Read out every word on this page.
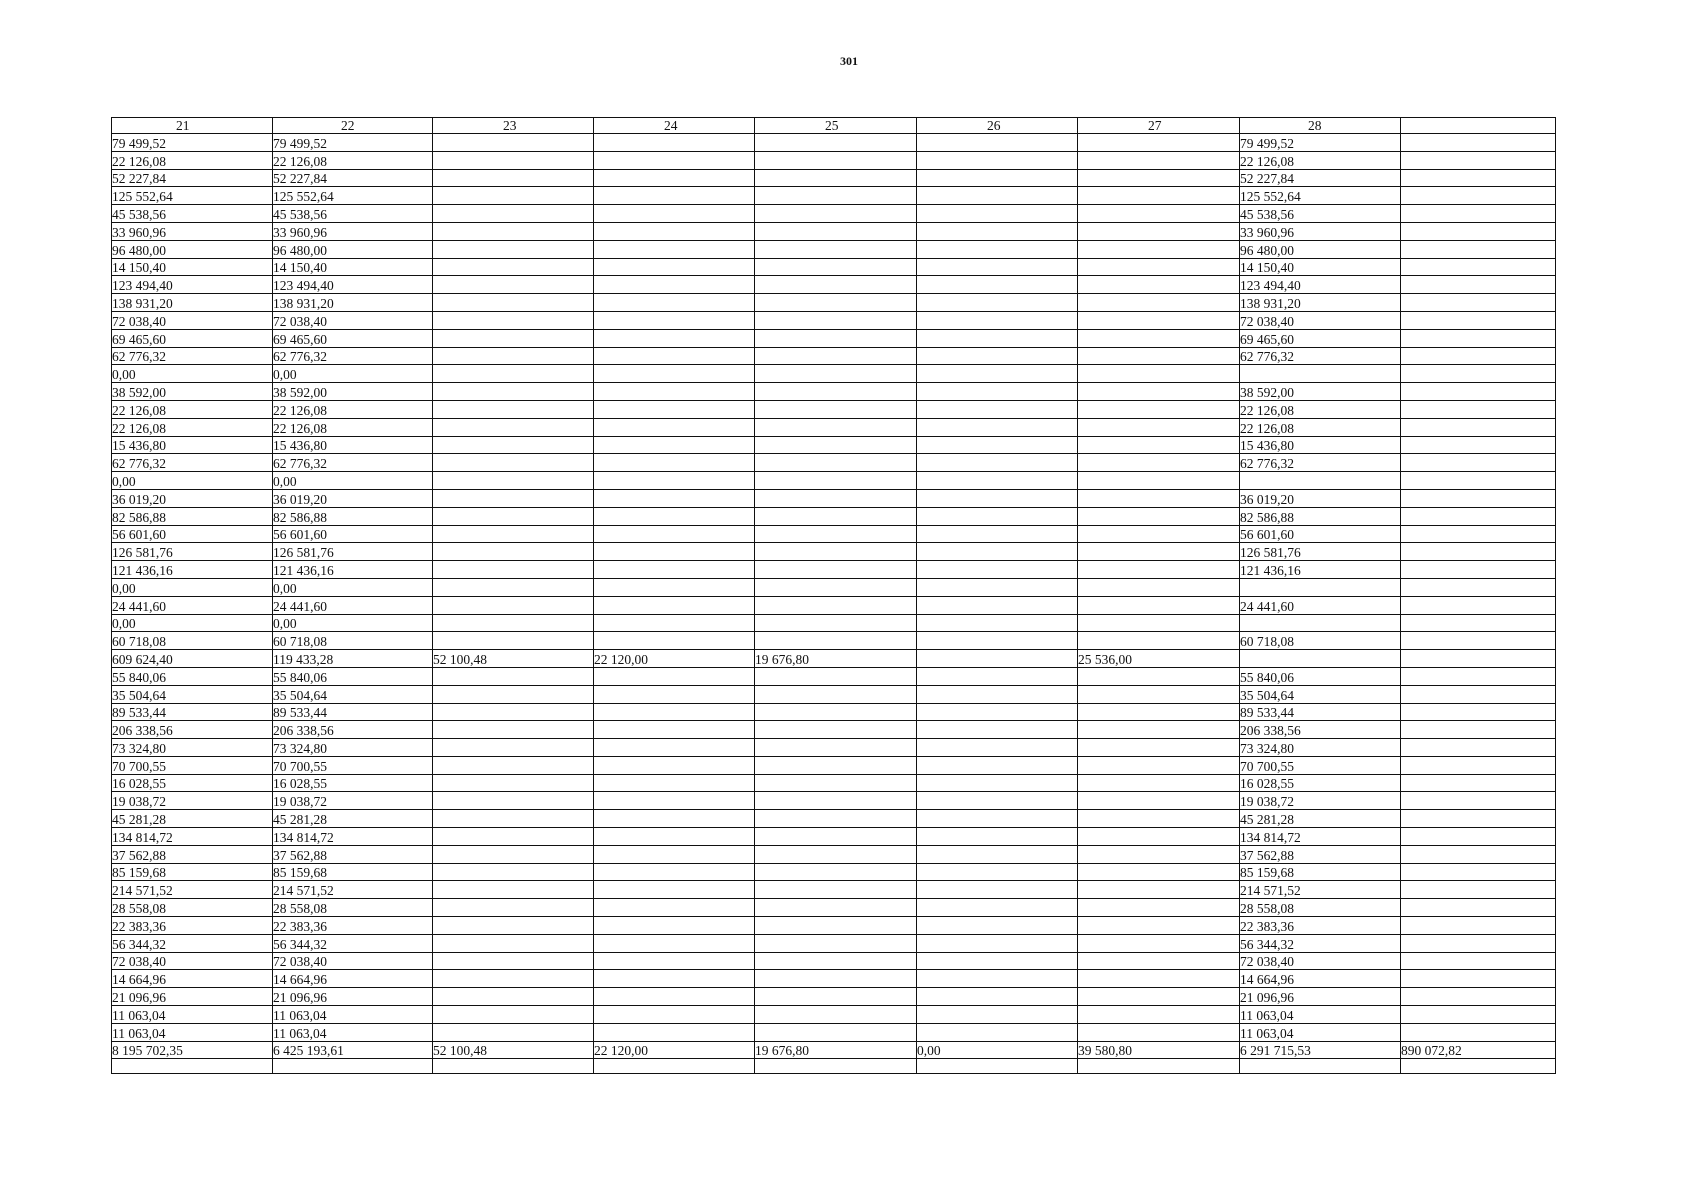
301
21	22	23	24	25	26	27	28	
79 499,52	79 499,52						79 499,52	
22 126,08	22 126,08						22 126,08	
52 227,84	52 227,84						52 227,84	
125 552,64	125 552,64						125 552,64	
45 538,56	45 538,56						45 538,56	
33 960,96	33 960,96						33 960,96	
96 480,00	96 480,00						96 480,00	
14 150,40	14 150,40						14 150,40	
123 494,40	123 494,40						123 494,40	
138 931,20	138 931,20						138 931,20	
72 038,40	72 038,40						72 038,40	
69 465,60	69 465,60						69 465,60	
62 776,32	62 776,32						62 776,32	
0,00	0,00							
38 592,00	38 592,00						38 592,00	
22 126,08	22 126,08						22 126,08	
22 126,08	22 126,08						22 126,08	
15 436,80	15 436,80						15 436,80	
62 776,32	62 776,32						62 776,32	
0,00	0,00							
36 019,20	36 019,20						36 019,20	
82 586,88	82 586,88						82 586,88	
56 601,60	56 601,60						56 601,60	
126 581,76	126 581,76						126 581,76	
121 436,16	121 436,16						121 436,16	
0,00	0,00							
24 441,60	24 441,60						24 441,60	
0,00	0,00							
60 718,08	60 718,08						60 718,08	
609 624,40	119 433,28	52 100,48	22 120,00	19 676,80		25 536,00		
55 840,06	55 840,06						55 840,06	
35 504,64	35 504,64						35 504,64	
89 533,44	89 533,44						89 533,44	
206 338,56	206 338,56						206 338,56	
73 324,80	73 324,80						73 324,80	
70 700,55	70 700,55						70 700,55	
16 028,55	16 028,55						16 028,55	
19 038,72	19 038,72						19 038,72	
45 281,28	45 281,28						45 281,28	
134 814,72	134 814,72						134 814,72	
37 562,88	37 562,88						37 562,88	
85 159,68	85 159,68						85 159,68	
214 571,52	214 571,52						214 571,52	
28 558,08	28 558,08						28 558,08	
22 383,36	22 383,36						22 383,36	
56 344,32	56 344,32						56 344,32	
72 038,40	72 038,40						72 038,40	
14 664,96	14 664,96						14 664,96	
21 096,96	21 096,96						21 096,96	
11 063,04	11 063,04						11 063,04	
11 063,04	11 063,04						11 063,04	
8 195 702,35	6 425 193,61	52 100,48	22 120,00	19 676,80	0,00	39 580,80	6 291 715,53	890 072,82
